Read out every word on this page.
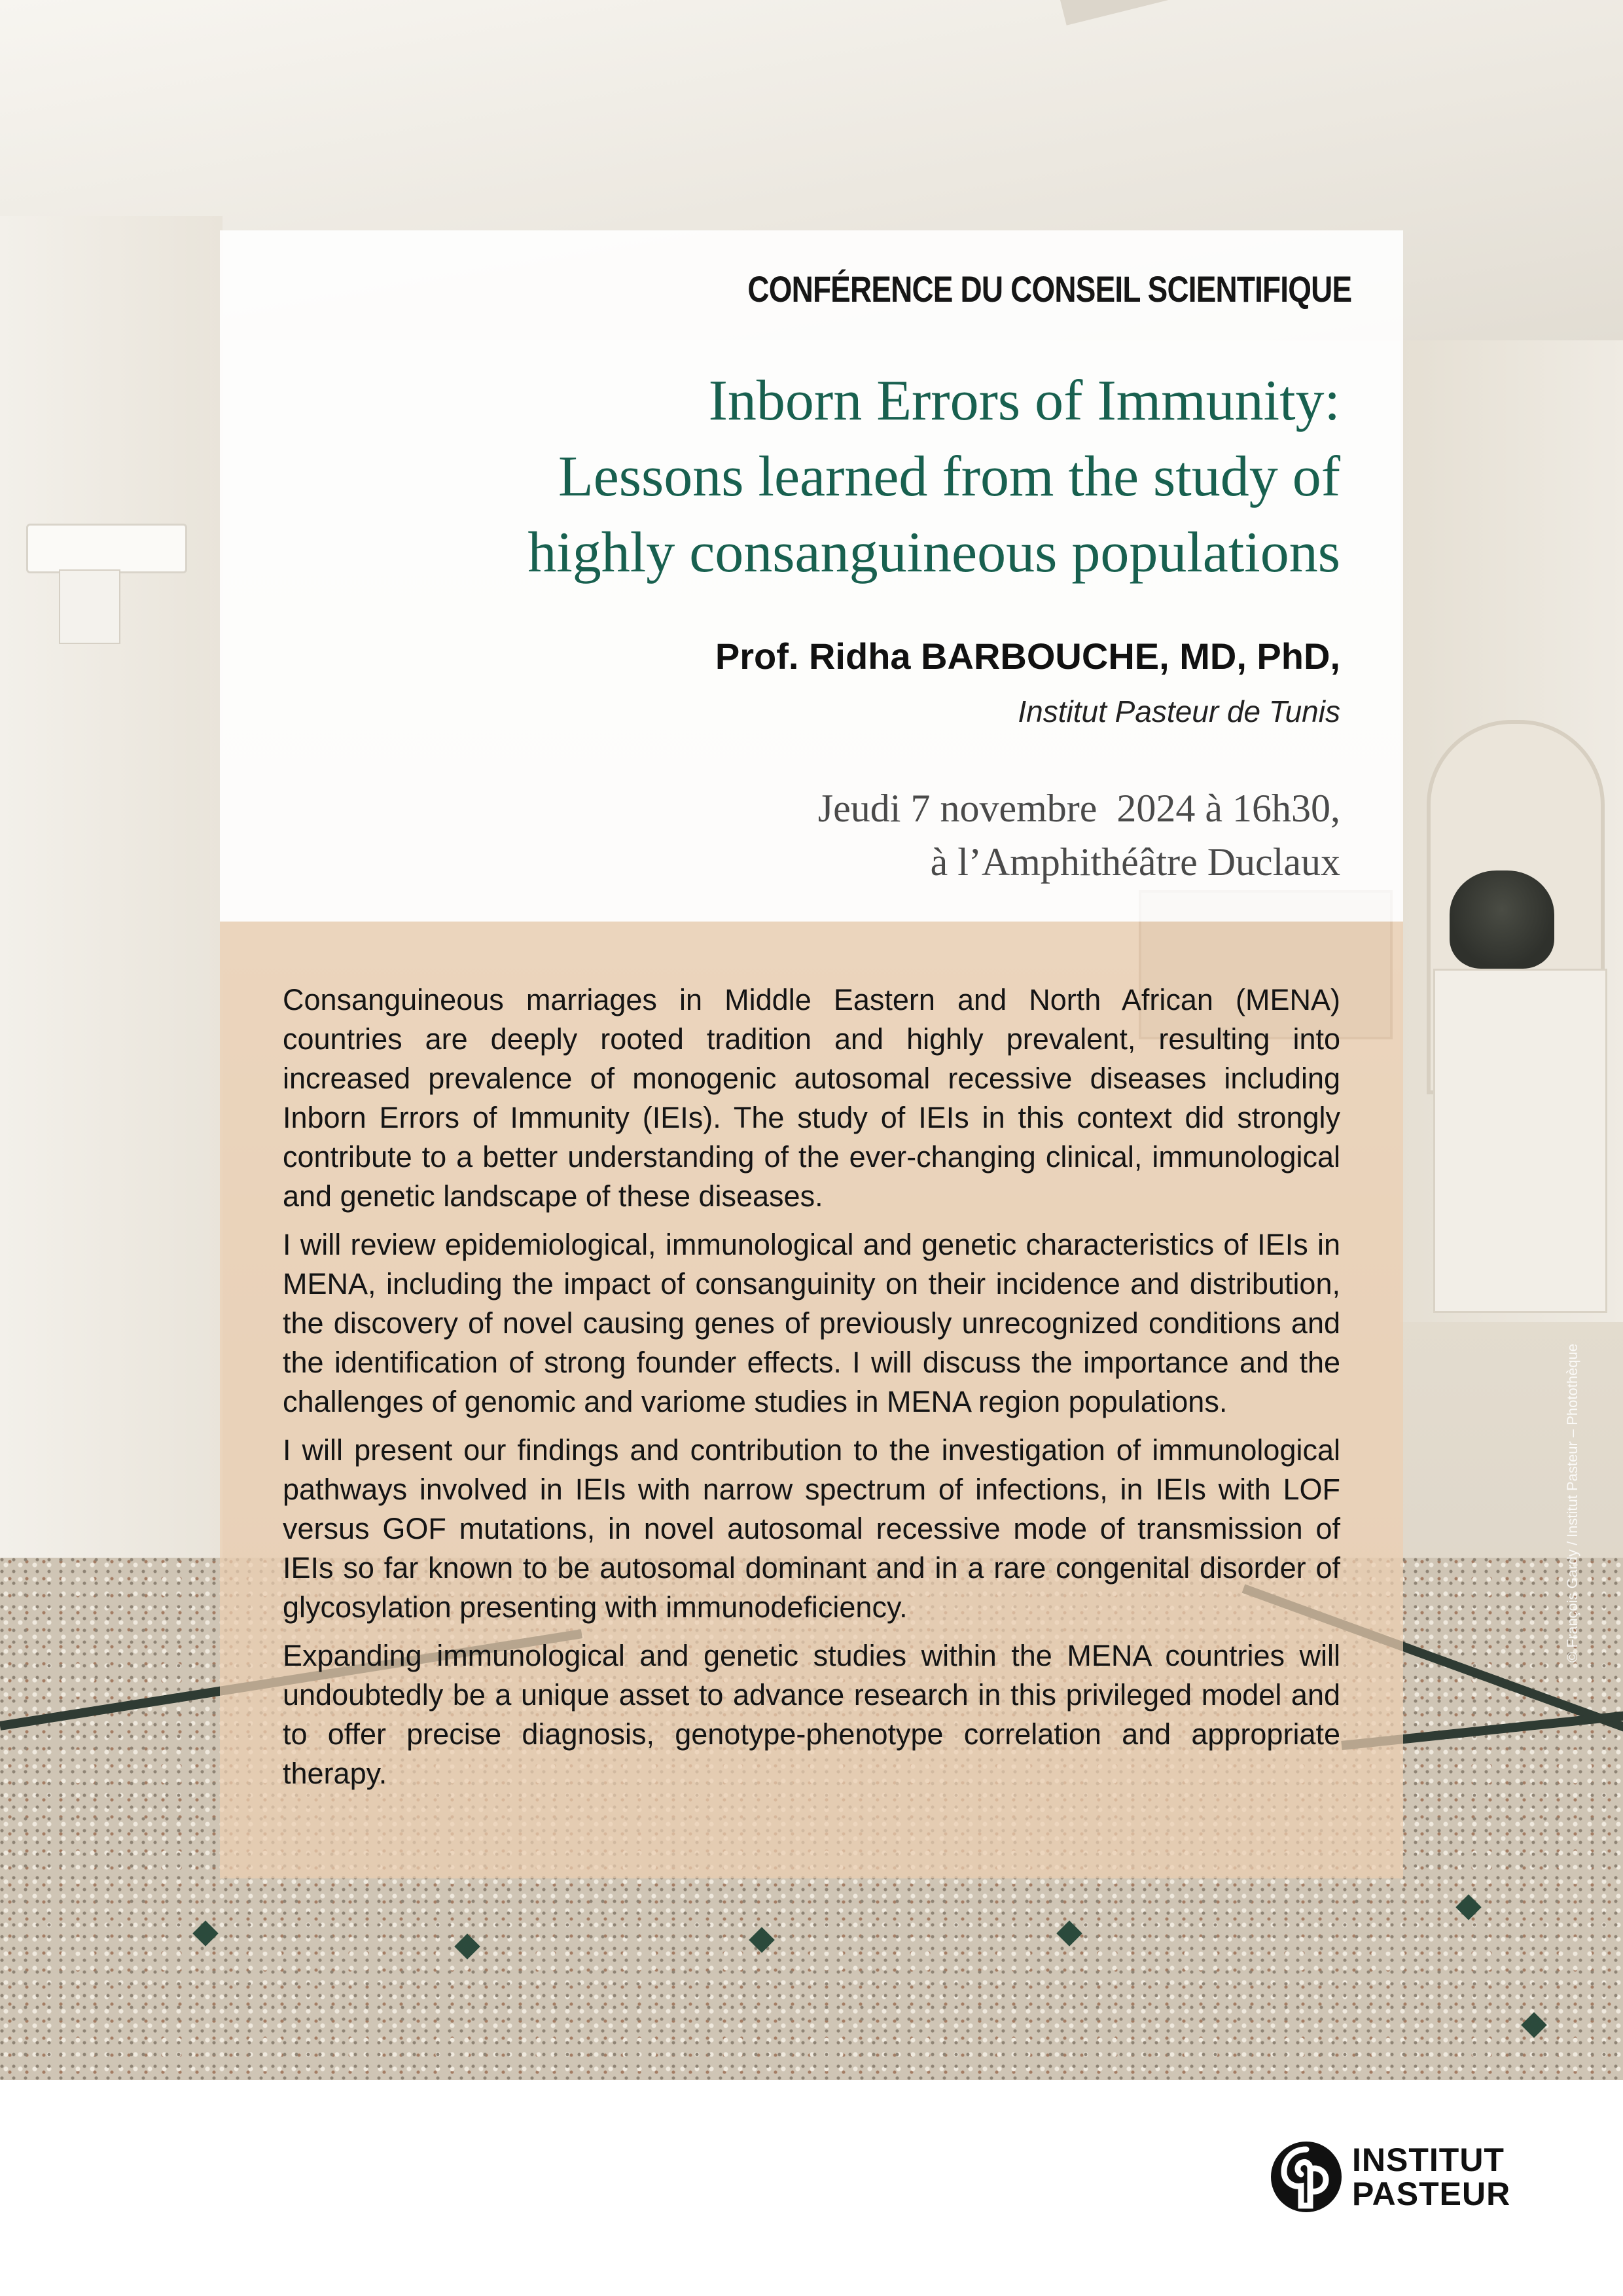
CONFÉRENCE DU CONSEIL SCIENTIFIQUE
Inborn Errors of Immunity:
Lessons learned from the study of
highly consanguineous populations
Prof. Ridha BARBOUCHE, MD, PhD,
Institut Pasteur de Tunis
Jeudi 7 novembre  2024 à 16h30,
à l’Amphithéâtre Duclaux

Consanguineous marriages in Middle Eastern and North African (MENA) countries are deeply rooted tradition and highly prevalent, resulting into increased prevalence of monogenic autosomal recessive diseases including Inborn Errors of Immunity (IEIs). The study of IEIs in this context did strongly contribute to a better understanding of the ever-changing clinical, immunological and genetic landscape of these diseases.

I will review epidemiological, immunological and genetic characteristics of IEIs in MENA, including the impact of consanguinity on their incidence and distribution, the discovery of novel causing genes of previously unrecognized conditions and the identification of strong founder effects. I will discuss the importance and the challenges of genomic and variome studies in MENA region populations.

I will present our findings and contribution to the investigation of immunological pathways involved in IEIs with narrow spectrum of infections, in IEIs with LOF versus GOF mutations, in novel autosomal recessive mode of transmission of IEIs so far known to be autosomal dominant and in a rare congenital disorder of glycosylation presenting with immunodeficiency.

Expanding immunological and genetic studies within the MENA countries will undoubtedly be a unique asset to advance research in this privileged model and to offer precise diagnosis, genotype-phenotype correlation and appropriate therapy.

© François Gardy / Institut Pasteur – Photothèque
INSTITUT
PASTEUR
